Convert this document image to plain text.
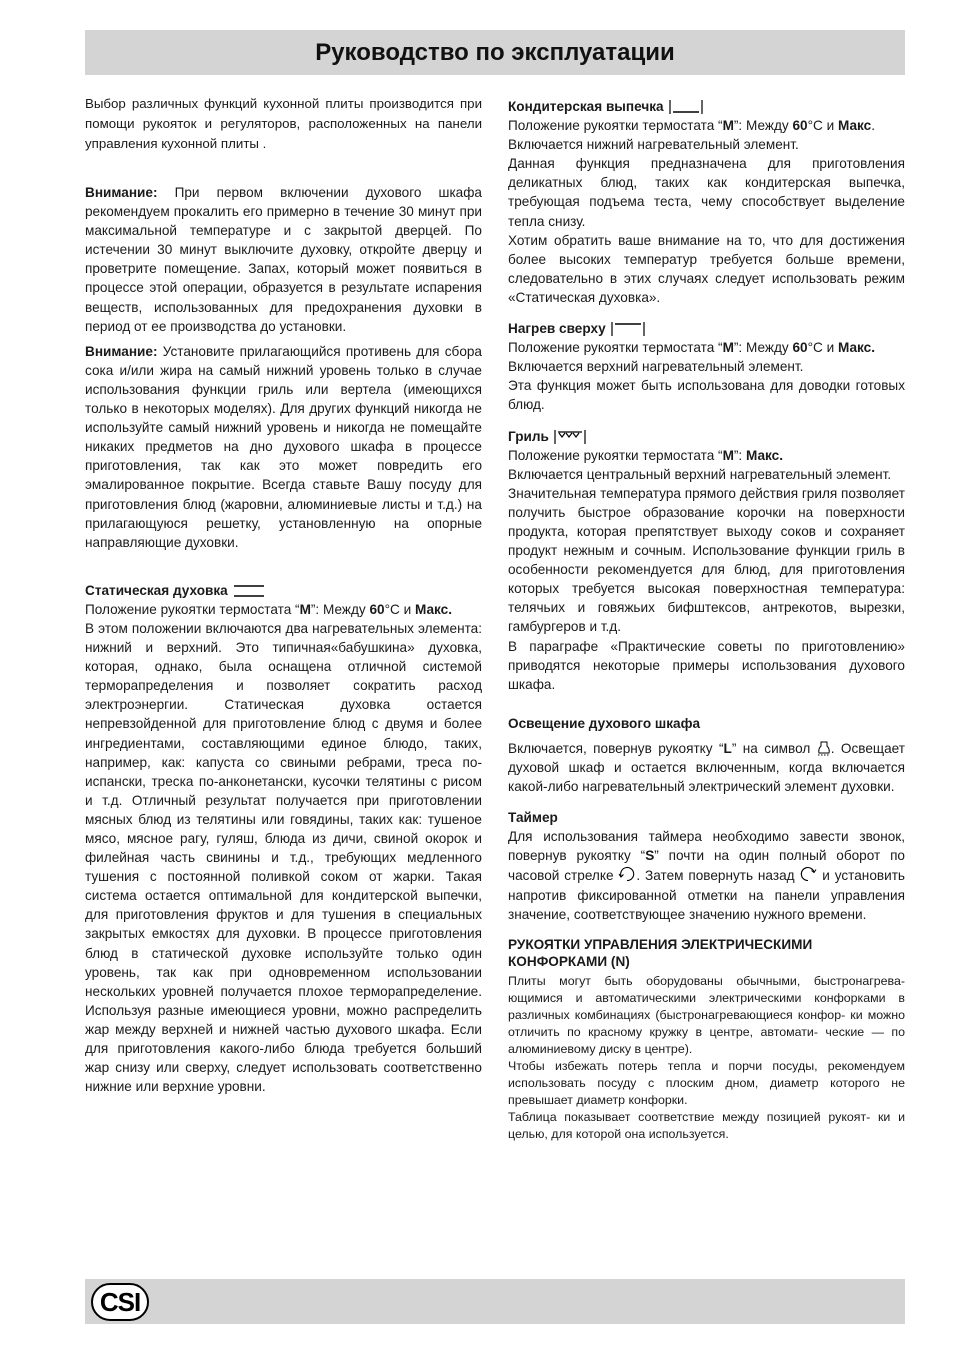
Руководство по эксплуатации

Выбор различных функций кухонной плиты производится при помощи рукояток и регуляторов, расположенных на панели управления кухонной плиты .

Внимание: При первом включении духового шкафа рекомендуем прокалить его примерно в течение 30 минут при максимальной температуре и с закрытой дверцей. По истечении 30 минут выключите духовку, откройте дверцу и проветрите помещение. Запах, который может появиться в процессе этой операции, образуется в результате испарения веществ, использованных для предохранения духовки в период от ее производства до установки.

Внимание: Установите прилагающийся противень для сбора сока и/или жира на самый нижний уровень только в случае использования функции гриль или вертела (имеющихся только в некоторых моделях). Для других функций никогда не используйте самый нижний уровень и никогда не помещайте никаких предметов на дно духового шкафа в процессе приготовления, так как это может повредить его эмалированное покрытие. Всегда ставьте Вашу посуду для приготовления блюд (жаровни, алюминиевые листы и т.д.) на прилагающуюся решетку, установленную на опорные направляющие духовки.

Статическая духовка

Положение рукоятки термостата “M”: Между 60°С и Макс.

В этом положении включаются два нагревательных элемента: нижний и верхний. Это типичная«бабушкина» духовка, которая, однако, была оснащена отличной системой терморапределения и позволяет сократить расход электроэнергии. Статическая духовка остается непревзойденной для приготовление блюд с двумя и более ингредиентами, составляющими единое блюдо, таких, например, как: капуста со свиными ребрами, треса по-испански, треска по-анконетански, кусочки телятины с рисом и т.д. Отличный результат получается при приготовлении мясных блюд из телятины или говядины, таких как: тушеное мясо, мясное рагу, гуляш, блюда из дичи, свиной окорок и филейная часть свинины и т.д., требующих медленного тушения с постоянной поливкой соком от жарки. Такая система остается оптимальной для кондитерской выпечки, для приготовления фруктов и для тушения в специальных закрытых емкостях для духовки. В процессе приготовления блюд в статической духовке используйте только один уровень, так как при одновременном использовании нескольких уровней получается плохое терморапределение. Используя разные имеющиеся уровни, можно распределить жар между верхней и нижней частью духового шкафа. Если для приготовления какого-либо блюда требуется больший жар снизу или сверху, следует использовать соответственно нижние или верхние уровни.

Кондитерская выпечка

Положение рукоятки термостата “M”: Между 60°С и Макс.

Включается нижний нагревательный элемент.

Данная функция предназначена для приготовления деликатных блюд, таких как кондитерская выпечка, требующая подъема теста, чему способствует выделение тепла снизу.

Хотим обратить ваше внимание на то, что для достижения более высоких температур требуется больше времени, следовательно в этих случаях следует использовать режим «Статическая духовка».

Нагрев сверху

Положение рукоятки термостата “M”: Между 60°С и Макс.

Включается верхний нагревательный элемент.

Эта функция может быть использована для доводки готовых блюд.

Гриль

Положение рукоятки термостата “M”: Макс.

Включается центральный верхний нагревательный элемент.

Значительная температура прямого действия гриля позволяет получить быстрое образование корочки на поверхности продукта, которая препятствует выходу соков и сохраняет продукт нежным и сочным. Использование функции гриль в особенности рекомендуется для блюд, для приготовления которых требуется высокая поверхностная температура: телячьих и говяжьих бифштексов, антрекотов, вырезки, гамбургеров и т.д.

В параграфе «Практические советы по приготовлению» приводятся некоторые примеры использования духового шкафа.

Освещение духового шкафа

Включается, повернув рукоятку “L” на символ . Освещает духовой шкаф и остается включенным, когда включается какой-либо нагревательный электрический элемент духовки.

Таймер

Для использования таймера необходимо завести звонок, повернув рукоятку “S” почти на один полный оборот по часовой стрелке . Затем повернуть назад  и установить напротив фиксированной отметки на панели управления значение, соответствующее значению нужного времени.

РУКОЯТКИ УПРАВЛЕНИЯ ЭЛЕКТРИЧЕСКИМИ КОНФОРКАМИ (N)

Плиты могут быть оборудованы обычными, быстронагрева- ющимися и автоматическими электрическими конфорками в различных комбинациях (быстронагревающиеся конфор- ки можно отличить по красному кружку в центре, автомати- ческие — по алюминиевому диску в центре).

Чтобы избежать потерь тепла и порчи посуды, рекомендуем использовать посуду с плоским дном, диаметр которого не превышает диаметр конфорки.

Таблица показывает соответствие между позицией рукоят- ки и целью, для которой она используется.

CSI
